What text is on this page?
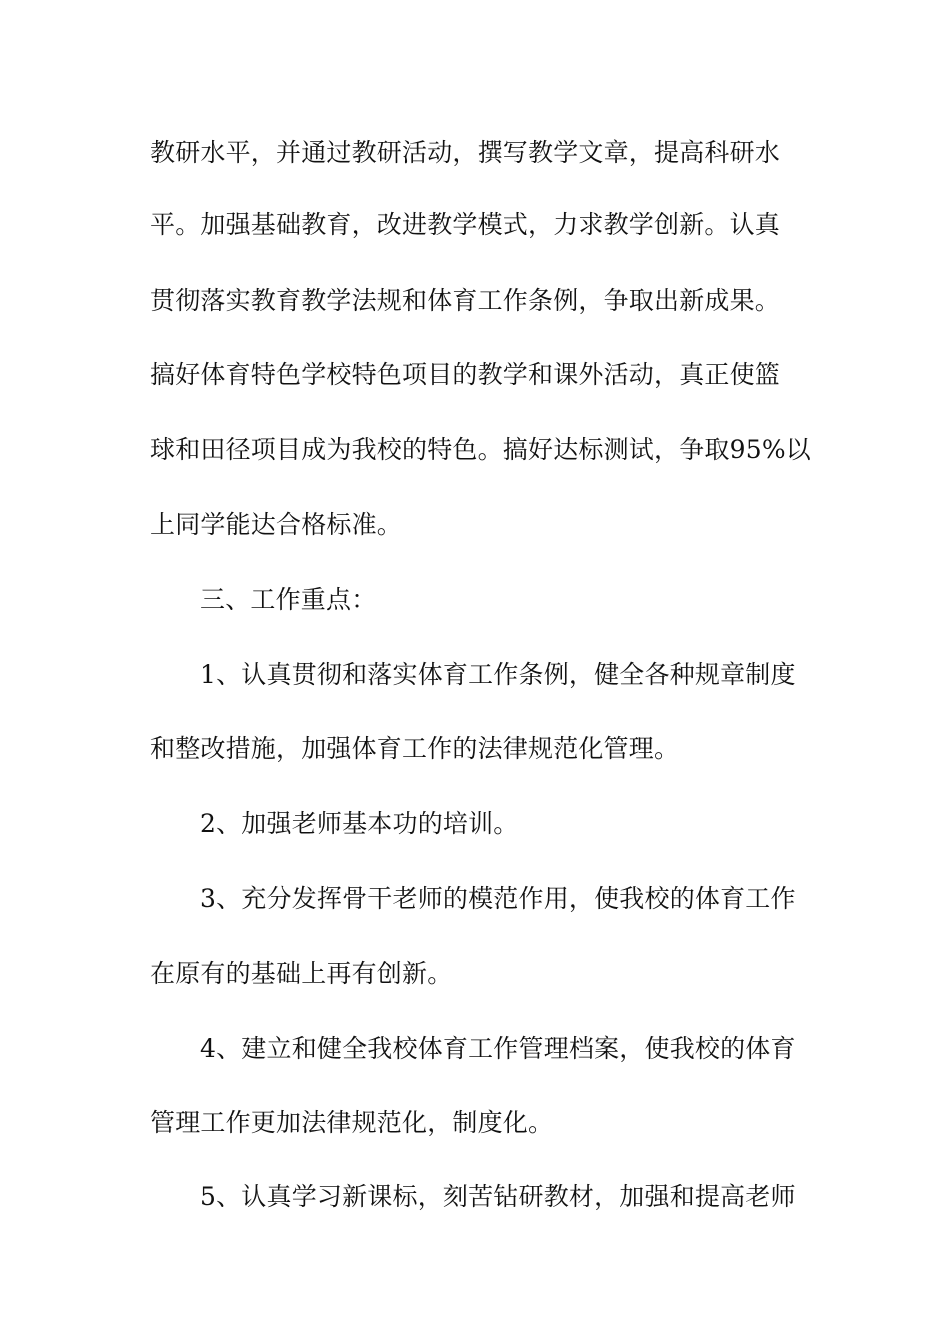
教研水平，并通过教研活动，撰写教学文章，提高科研水
平。加强基础教育，改进教学模式，力求教学创新。认真
贯彻落实教育教学法规和体育工作条例，争取出新成果。
搞好体育特色学校特色项目的教学和课外活动，真正使篮
球和田径项目成为我校的特色。搞好达标测试，争取95%以
上同学能达合格标准。
三、工作重点：
1、认真贯彻和落实体育工作条例，健全各种规章制度
和整改措施，加强体育工作的法律规范化管理。
2、加强老师基本功的培训。
3、充分发挥骨干老师的模范作用，使我校的体育工作
在原有的基础上再有创新。
4、建立和健全我校体育工作管理档案，使我校的体育
管理工作更加法律规范化，制度化。
5、认真学习新课标，刻苦钻研教材，加强和提高老师
